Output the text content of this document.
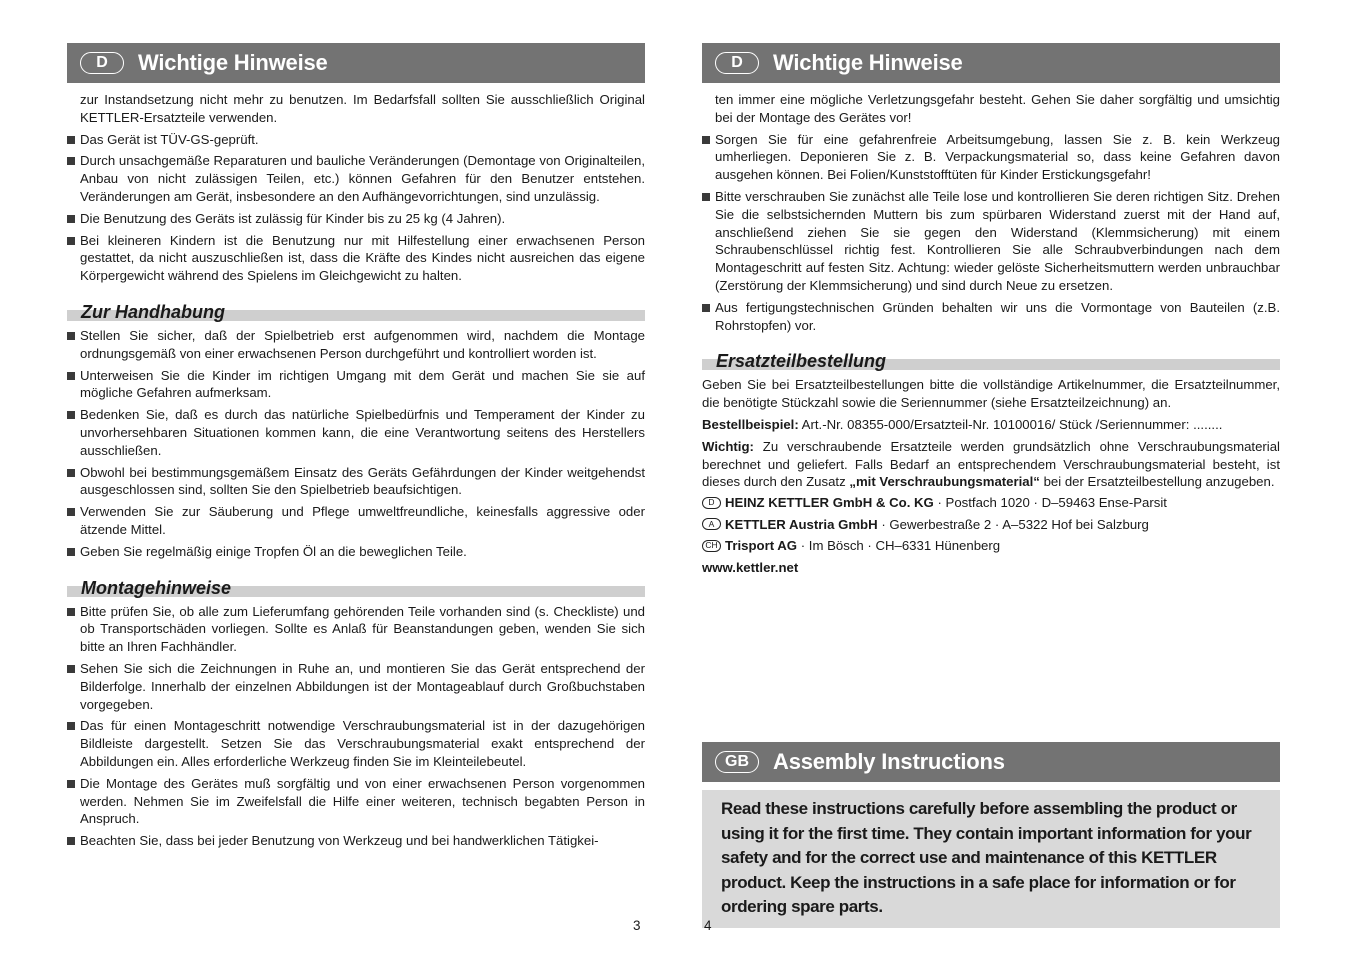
D	Wichtige Hinweise

zur Instandsetzung nicht mehr zu benutzen. Im Bedarfsfall sollten Sie ausschließlich Original KETTLER-Ersatzteile verwenden.

Das Gerät ist TÜV-GS-geprüft.

Durch unsachgemäße Reparaturen und bauliche Veränderungen (Demontage von Originalteilen, Anbau von nicht zulässigen Teilen, etc.) können Gefahren für den Benutzer entstehen. Veränderungen am Gerät, insbesondere an den Aufhängevorrichtungen, sind unzulässig.

Die Benutzung des Geräts ist zulässig für Kinder bis zu 25 kg (4 Jahren).

Bei kleineren Kindern ist die Benutzung nur mit Hilfestellung einer erwachsenen Person gestattet, da nicht auszuschließen ist, dass die Kräfte des Kindes nicht ausreichen das eigene Körpergewicht während des Spielens im Gleichgewicht zu halten.

Zur Handhabung

Stellen Sie sicher, daß der Spielbetrieb erst aufgenommen wird, nachdem die Montage ordnungsgemäß von einer erwachsenen Person durchgeführt und kontrolliert worden ist.

Unterweisen Sie die Kinder im richtigen Umgang mit dem Gerät und machen Sie sie auf mögliche Gefahren aufmerksam.

Bedenken Sie, daß es durch das natürliche Spielbedürfnis und Temperament der Kinder zu unvorhersehbaren Situationen kommen kann, die eine Verantwortung seitens des Herstellers ausschließen.

Obwohl bei bestimmungsgemäßem Einsatz des Geräts Gefährdungen der Kinder weitgehendst ausgeschlossen sind, sollten Sie den Spielbetrieb beaufsichtigen.

Verwenden Sie zur Säuberung und Pflege umweltfreundliche, keinesfalls aggressive oder ätzende Mittel.

Geben Sie regelmäßig einige Tropfen Öl an die beweglichen Teile.

Montagehinweise

Bitte prüfen Sie, ob alle zum Lieferumfang gehörenden Teile vorhanden sind (s. Checkliste) und ob Transportschäden vorliegen. Sollte es Anlaß für Beanstandungen geben, wenden Sie sich bitte an Ihren Fachhändler.

Sehen Sie sich die Zeichnungen in Ruhe an, und montieren Sie das Gerät entsprechend der Bilderfolge. Innerhalb der einzelnen Abbildungen ist der Montageablauf durch Großbuchstaben vorgegeben.

Das für einen Montageschritt notwendige Verschraubungsmaterial ist in der dazugehörigen Bildleiste dargestellt. Setzen Sie das Verschraubungsmaterial exakt entsprechend der Abbildungen ein. Alles erforderliche Werkzeug finden Sie im Kleinteilebeutel.

Die Montage des Gerätes muß sorgfältig und von einer erwachsenen Person vorgenommen werden. Nehmen Sie im Zweifelsfall die Hilfe einer weiteren, technisch begabten Person in Anspruch.

Beachten Sie, dass bei jeder Benutzung von Werkzeug und bei handwerklichen Tätigkei-

3
D	Wichtige Hinweise

ten immer eine mögliche Verletzungsgefahr besteht. Gehen Sie daher sorgfältig und umsichtig bei der Montage des Gerätes vor!

Sorgen Sie für eine gefahrenfreie Arbeitsumgebung, lassen Sie z. B. kein Werkzeug umherliegen. Deponieren Sie z. B. Verpackungsmaterial so, dass keine Gefahren davon ausgehen können. Bei Folien/Kunststofftüten für Kinder Erstickungsgefahr!

Bitte verschrauben Sie zunächst alle Teile lose und kontrollieren Sie deren richtigen Sitz. Drehen Sie die selbstsichernden Muttern bis zum spürbaren Widerstand zuerst mit der Hand auf, anschließend ziehen Sie sie gegen den Widerstand (Klemmsicherung) mit einem Schraubenschlüssel richtig fest. Kontrollieren Sie alle Schraubverbindungen nach dem Montageschritt auf festen Sitz. Achtung: wieder gelöste Sicherheitsmuttern werden unbrauchbar (Zerstörung der Klemmsicherung) und sind durch Neue zu ersetzen.

Aus fertigungstechnischen Gründen behalten wir uns die Vormontage von Bauteilen (z.B. Rohrstopfen) vor.

Ersatzteilbestellung

Geben Sie bei Ersatzteilbestellungen bitte die vollständige Artikelnummer, die Ersatzteilnummer, die benötigte Stückzahl sowie die Seriennummer (siehe Ersatzteilzeichnung) an.

Bestellbeispiel: Art.-Nr. 08355-000/Ersatzteil-Nr. 10100016/ Stück /Seriennummer: ........

Wichtig: Zu verschraubende Ersatzteile werden grundsätzlich ohne Verschraubungsmaterial berechnet und geliefert. Falls Bedarf an entsprechendem Verschraubungsmaterial besteht, ist dieses durch den Zusatz „mit Verschraubungsmaterial“ bei der Ersatzteilbestellung anzugeben.

D HEINZ KETTLER GmbH & Co. KG · Postfach 1020 · D–59463 Ense-Parsit

A KETTLER Austria GmbH · Gewerbestraße 2 · A–5322 Hof bei Salzburg

CH Trisport AG · Im Bösch · CH–6331 Hünenberg

www.kettler.net

GB	Assembly Instructions
Read these instructions carefully before assembling the product or using it for the first time. They contain important information for your safety and for the correct use and maintenance of this KETTLER product. Keep the instructions in a safe place for information or for ordering spare parts.
4
